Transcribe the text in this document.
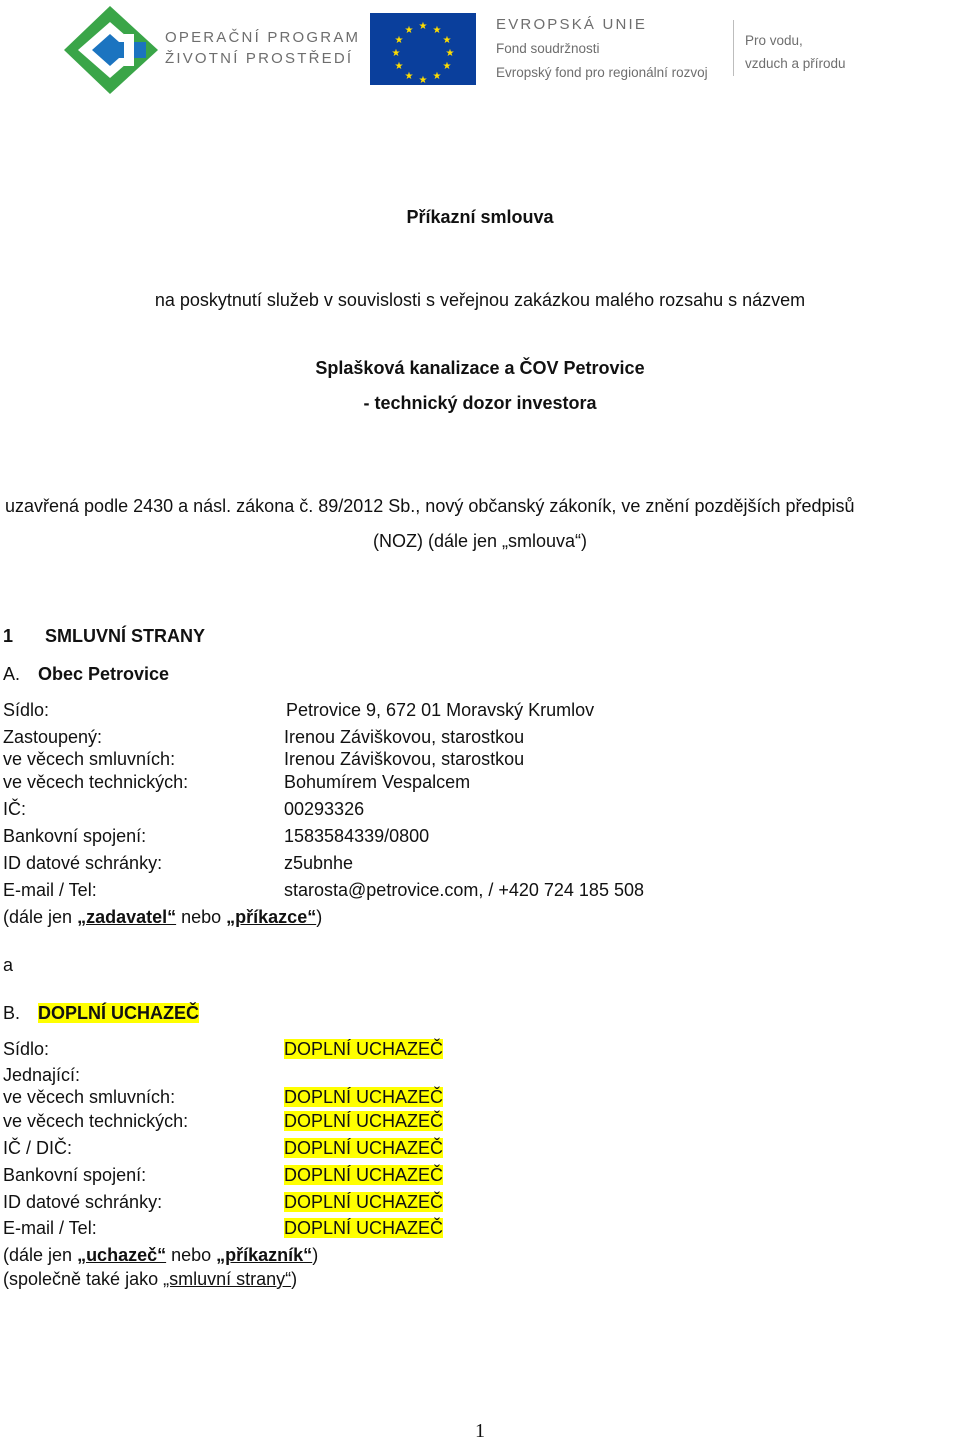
OPERAČNÍ PROGRAM
ŽIVOTNÍ PROSTŘEDÍ
★ ★
★
★
★
★
★
★
★
★
★
★	EVROPSKÁ UNIE
Fond soudržnosti
Evropský fond pro regionální rozvoj
Pro vodu,
vzduch a přírodu
Příkazní smlouva
na poskytnutí služeb v souvislosti s veřejnou zakázkou malého rozsahu s názvem
Splašková kanalizace a ČOV Petrovice
- technický dozor investora
uzavřená podle 2430 a násl. zákona č. 89/2012 Sb., nový občanský zákoník, ve znění pozdějších předpisů
(NOZ) (dále jen „smlouva“)
1 SMLUVNÍ STRANY
A. Obec Petrovice
Sídlo:	Petrovice 9, 672 01 Moravský Krumlov
Zastoupený:	Irenou Záviškovou, starostkou
ve věcech smluvních:	Irenou Záviškovou, starostkou
ve věcech technických:	Bohumírem Vespalcem
IČ:	00293326
Bankovní spojení:	1583584339/0800
ID datové schránky:	z5ubnhe
E-mail / Tel:	starosta@petrovice.com, / +420 724 185 508
(dále jen „zadavatel“ nebo „příkazce“)
a
B. DOPLNÍ UCHAZEČ
Sídlo:	DOPLNÍ UCHAZEČ
Jednající:
ve věcech smluvních:	DOPLNÍ UCHAZEČ
ve věcech technických:	DOPLNÍ UCHAZEČ
IČ / DIČ:	DOPLNÍ UCHAZEČ
Bankovní spojení:	DOPLNÍ UCHAZEČ
ID datové schránky:	DOPLNÍ UCHAZEČ
E-mail / Tel:	DOPLNÍ UCHAZEČ
(dále jen „uchazeč“ nebo „příkazník“)
(společně také jako „smluvní strany“)
1
